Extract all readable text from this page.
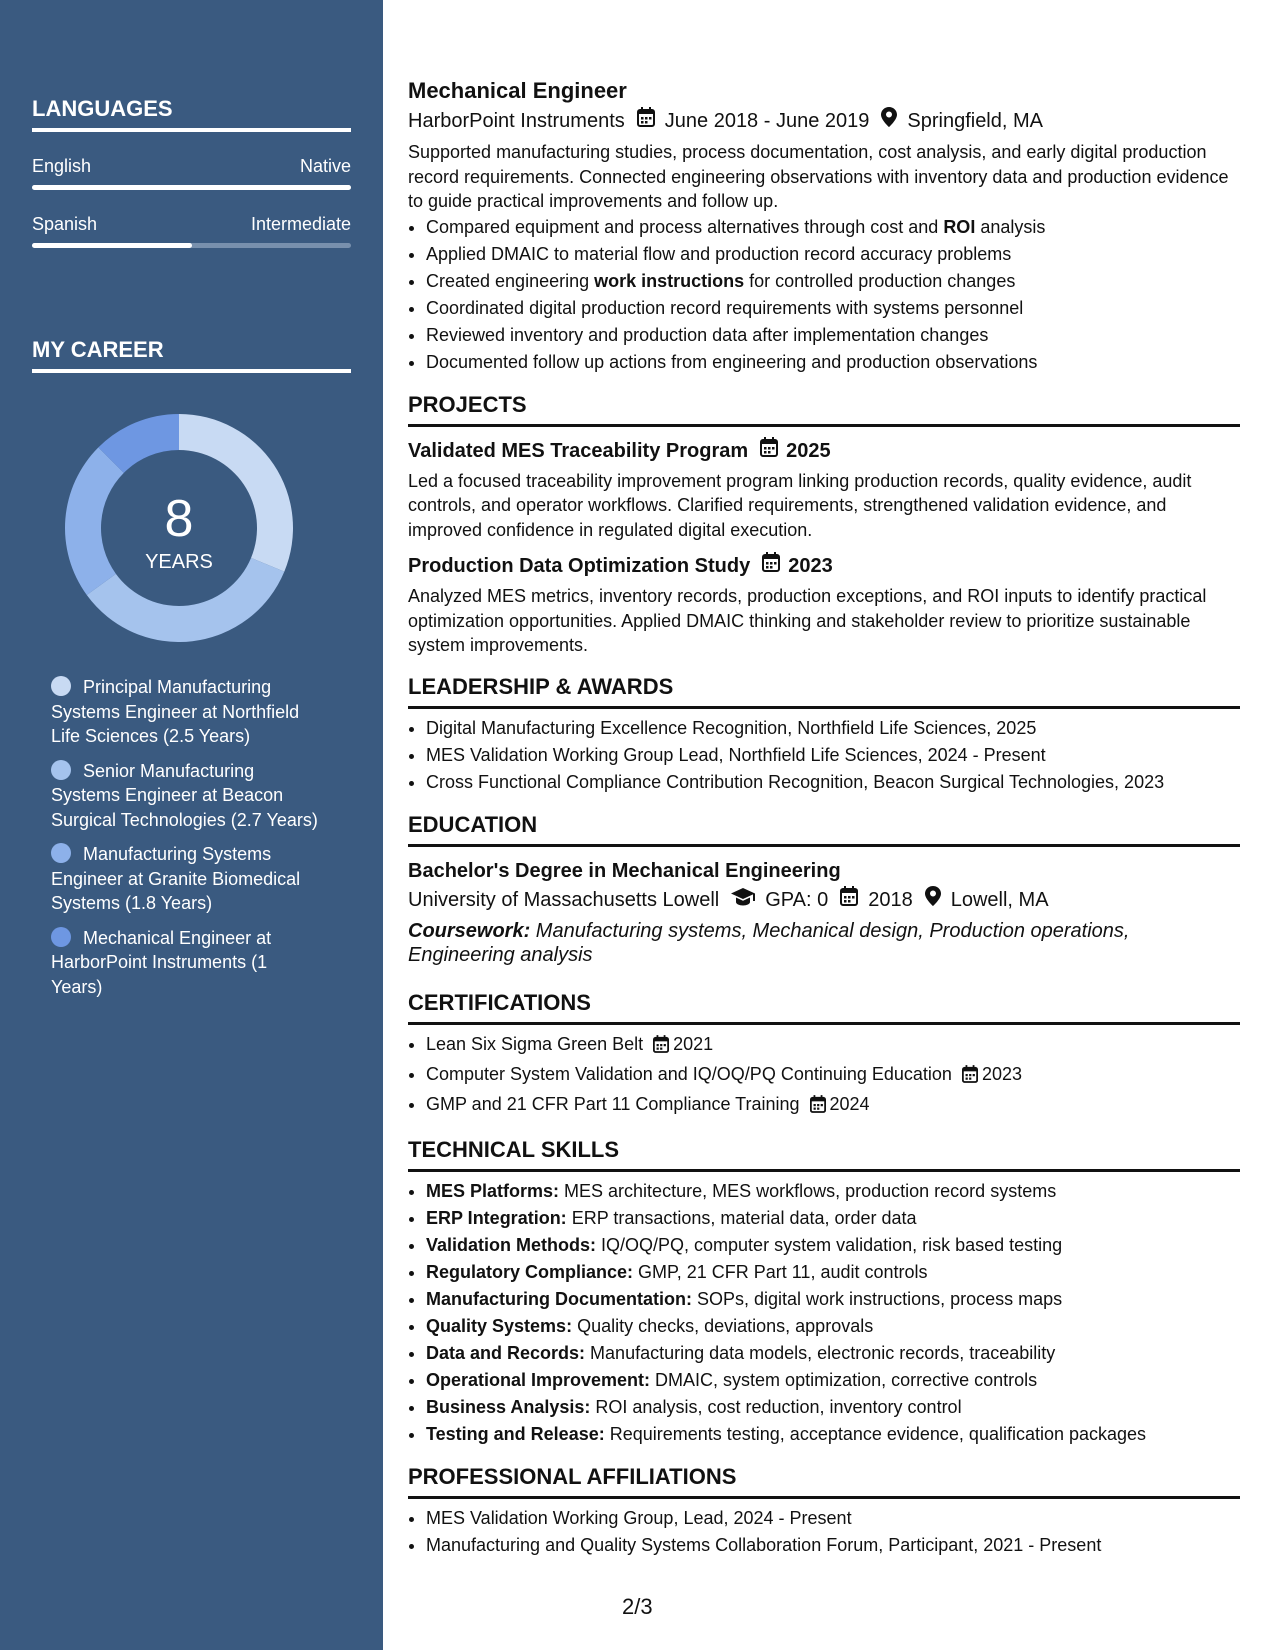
LANGUAGES
English	Native
Spanish	Intermediate
MY CAREER
8
YEARS
Principal Manufacturing Systems Engineer at Northfield Life Sciences (2.5 Years)
Senior Manufacturing Systems Engineer at Beacon Surgical Technologies (2.7 Years)
Manufacturing Systems Engineer at Granite Biomedical Systems (1.8 Years)
Mechanical Engineer at HarborPoint Instruments (1 Years)
Mechanical Engineer
HarborPoint Instruments June 2018 - June 2019 Springfield, MA

Supported manufacturing studies, process documentation, cost analysis, and early digital production record requirements. Connected engineering observations with inventory data and production evidence to guide practical improvements and follow up.

• Compared equipment and process alternatives through cost and ROI analysis
• Applied DMAIC to material flow and production record accuracy problems
• Created engineering work instructions for controlled production changes
• Coordinated digital production record requirements with systems personnel
• Reviewed inventory and production data after implementation changes
• Documented follow up actions from engineering and production observations
PROJECTS
Validated MES Traceability Program 2025

Led a focused traceability improvement program linking production records, quality evidence, audit controls, and operator workflows. Clarified requirements, strengthened validation evidence, and improved confidence in regulated digital execution.

Production Data Optimization Study 2023

Analyzed MES metrics, inventory records, production exceptions, and ROI inputs to identify practical optimization opportunities. Applied DMAIC thinking and stakeholder review to prioritize sustainable system improvements.

LEADERSHIP & AWARDS
• Digital Manufacturing Excellence Recognition, Northfield Life Sciences, 2025
• MES Validation Working Group Lead, Northfield Life Sciences, 2024 - Present
• Cross Functional Compliance Contribution Recognition, Beacon Surgical Technologies, 2023
EDUCATION
Bachelor's Degree in Mechanical Engineering
University of Massachusetts Lowell GPA: 0 2018 Lowell, MA
Coursework: Manufacturing systems, Mechanical design, Production operations, Engineering analysis
CERTIFICATIONS
• Lean Six Sigma Green Belt 2021
• Computer System Validation and IQ/OQ/PQ Continuing Education 2023
• GMP and 21 CFR Part 11 Compliance Training 2024
TECHNICAL SKILLS
• MES Platforms: MES architecture, MES workflows, production record systems
• ERP Integration: ERP transactions, material data, order data
• Validation Methods: IQ/OQ/PQ, computer system validation, risk based testing
• Regulatory Compliance: GMP, 21 CFR Part 11, audit controls
• Manufacturing Documentation: SOPs, digital work instructions, process maps
• Quality Systems: Quality checks, deviations, approvals
• Data and Records: Manufacturing data models, electronic records, traceability
• Operational Improvement: DMAIC, system optimization, corrective controls
• Business Analysis: ROI analysis, cost reduction, inventory control
• Testing and Release: Requirements testing, acceptance evidence, qualification packages
PROFESSIONAL AFFILIATIONS
• MES Validation Working Group, Lead, 2024 - Present
• Manufacturing and Quality Systems Collaboration Forum, Participant, 2021 - Present
2/3
